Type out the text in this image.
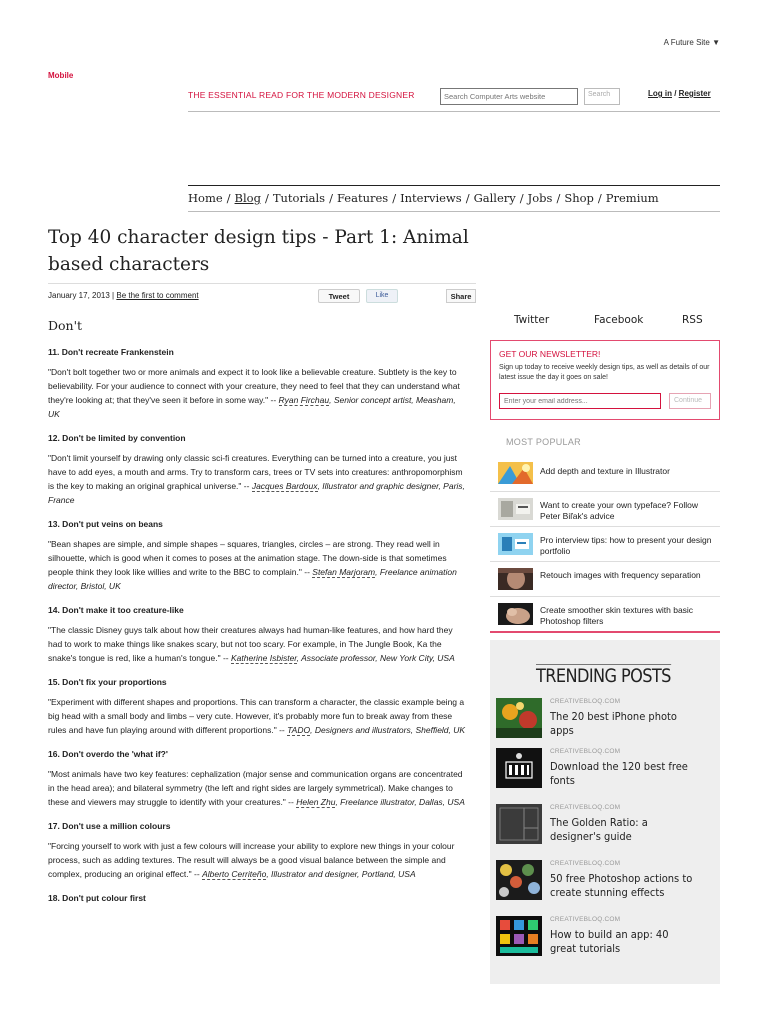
A Future Site ▼
Mobile
THE ESSENTIAL READ FOR THE MODERN DESIGNER
Search Computer Arts website	Search	Log in / Register
Home / Blog / Tutorials / Features / Interviews / Gallery / Jobs / Shop / Premium
Top 40 character design tips - Part 1: Animal based characters
January 17, 2013 | Be the first to comment	Tweet	Like	Share
Don't
11. Don't recreate Frankenstein

"Don't bolt together two or more animals and expect it to look like a believable creature. Subtlety is the key to believability. For your audience to connect with your creature, they need to feel that they can understand what they're looking at; that they've seen it before in some way." -- Ryan Firchau, Senior concept artist, Measham, UK

12. Don't be limited by convention

"Don't limit yourself by drawing only classic sci-fi creatures. Everything can be turned into a creature, you just have to add eyes, a mouth and arms. Try to transform cars, trees or TV sets into creatures: anthropomorphism is the key to making an original graphical universe." -- Jacques Bardoux, Illustrator and graphic designer, Paris, France

13. Don't put veins on beans

"Bean shapes are simple, and simple shapes – squares, triangles, circles – are strong. They read well in silhouette, which is good when it comes to poses at the animation stage. The down-side is that sometimes people think they look like willies and write to the BBC to complain." -- Stefan Marjoram, Freelance animation director, Bristol, UK

14. Don't make it too creature-like

"The classic Disney guys talk about how their creatures always had human-like features, and how hard they had to work to make things like snakes scary, but not too scary. For example, in The Jungle Book, Ka the snake's tongue is red, like a human's tongue." -- Katherine Isbister, Associate professor, New York City, USA

15. Don't fix your proportions

"Experiment with different shapes and proportions. This can transform a character, the classic example being a big head with a small body and limbs – very cute. However, it's probably more fun to break away from these rules and have fun playing around with different proportions." -- TADO, Designers and illustrators, Sheffield, UK

16. Don't overdo the 'what if?'

"Most animals have two key features: cephalization (major sense and communication organs are concentrated in the head area); and bilateral symmetry (the left and right sides are largely symmetrical). Make changes to these and viewers may struggle to identify with your creatures." -- Helen Zhu, Freelance illustrator, Dallas, USA

17. Don't use a million colours

"Forcing yourself to work with just a few colours will increase your ability to explore new things in your colour process, such as adding textures. The result will always be a good visual balance between the simple and complex, producing an original effect." -- Alberto Cerriteño, Illustrator and designer, Portland, USA

18. Don't put colour first
Twitter	Facebook	RSS
GET OUR NEWSLETTER!

Sign up today to receive weekly design tips, as well as details of our latest issue the day it goes on sale!

Enter your email address...
Continue
MOST POPULAR
Add depth and texture in Illustrator
Want to create your own typeface? Follow Peter Biľak's advice
Pro interview tips: how to present your design portfolio
Retouch images with frequency separation
Create smoother skin textures with basic Photoshop filters
TRENDING POSTS
CREATIVEBLOQ.COM
The 20 best iPhone photo apps
CREATIVEBLOQ.COM
Download the 120 best free fonts
CREATIVEBLOQ.COM
The Golden Ratio: a designer's guide
CREATIVEBLOQ.COM
50 free Photoshop actions to create stunning effects
CREATIVEBLOQ.COM
How to build an app: 40 great tutorials
